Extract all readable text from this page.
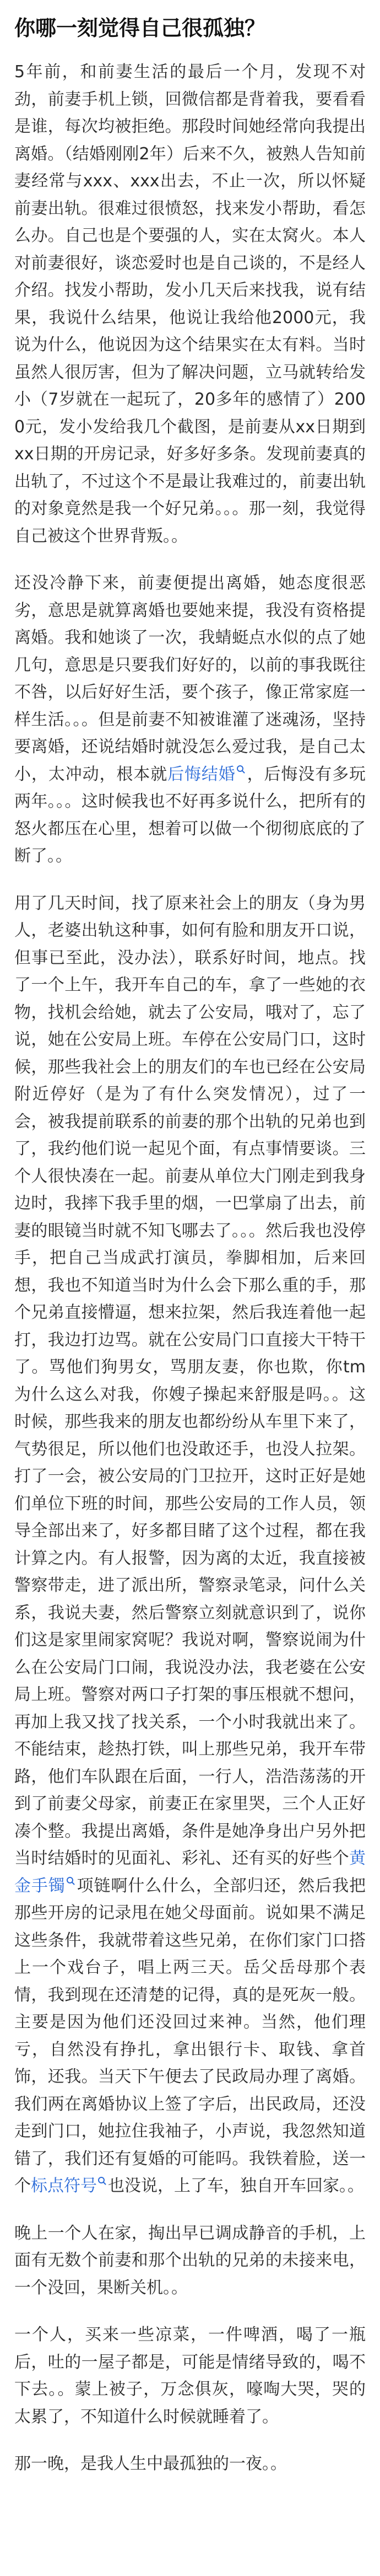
你哪一刻觉得自己很孤独？

5年前，和前妻生活的最后一个月，发现不对劲，前妻手机上锁，回微信都是背着我，要看看是谁，每次均被拒绝。那段时间她经常向我提出离婚。（结婚刚刚2年）后来不久，被熟人告知前妻经常与xxx、xxx出去，不止一次，所以怀疑前妻出轨。很难过很愤怒，找来发小帮助，看怎么办。自己也是个要强的人，实在太窝火。本人对前妻很好，谈恋爱时也是自己谈的，不是经人介绍。找发小帮助，发小几天后来找我，说有结果，我说什么结果，他说让我给他2000元，我说为什么，他说因为这个结果实在太有料。当时虽然人很厉害，但为了解决问题，立马就转给发小（7岁就在一起玩了，20多年的感情了）2000元，发小发给我几个截图，是前妻从xx日期到xx日期的开房记录，好多好多条。发现前妻真的出轨了，不过这个不是最让我难过的，前妻出轨的对象竟然是我一个好兄弟。。。那一刻，我觉得自己被这个世界背叛。。

还没冷静下来，前妻便提出离婚，她态度很恶劣，意思是就算离婚也要她来提，我没有资格提离婚。我和她谈了一次，我蜻蜓点水似的点了她几句，意思是只要我们好好的，以前的事我既往不咎，以后好好生活，要个孩子，像正常家庭一样生活。。。但是前妻不知被谁灌了迷魂汤，坚持要离婚，还说结婚时就没怎么爱过我，是自己太小，太冲动，根本就后悔结婚 ，后悔没有多玩两年。。。这时候我也不好再多说什么，把所有的怒火都压在心里，想着可以做一个彻彻底底的了断了。。

用了几天时间，找了原来社会上的朋友（身为男人，老婆出轨这种事，如何有脸和朋友开口说，但事已至此，没办法），联系好时间，地点。找了一个上午，我开车自己的车，拿了一些她的衣物，找机会给她，就去了公安局，哦对了，忘了说，她在公安局上班。车停在公安局门口，这时候，那些我社会上的朋友们的车也已经在公安局附近停好（是为了有什么突发情况），过了一会，被我提前联系的前妻的那个出轨的兄弟也到了，我约他们说一起见个面，有点事情要谈。三个人很快凑在一起。前妻从单位大门刚走到我身边时，我摔下我手里的烟，一巴掌扇了出去，前妻的眼镜当时就不知飞哪去了。。。然后我也没停手，把自己当成武打演员，拳脚相加，后来回想，我也不知道当时为什么会下那么重的手，那个兄弟直接懵逼，想来拉架，然后我连着他一起打，我边打边骂。就在公安局门口直接大干特干了。骂他们狗男女，骂朋友妻，你也欺，你tm为什么这么对我，你嫂子操起来舒服是吗。。这时候，那些我来的朋友也都纷纷从车里下来了，气势很足，所以他们也没敢还手，也没人拉架。打了一会，被公安局的门卫拉开，这时正好是她们单位下班的时间，那些公安局的工作人员，领导全部出来了，好多都目睹了这个过程，都在我计算之内。有人报警，因为离的太近，我直接被警察带走，进了派出所，警察录笔录，问什么关系，我说夫妻，然后警察立刻就意识到了，说你们这是家里闹家窝呢？我说对啊，警察说闹为什么在公安局门口闹，我说没办法，我老婆在公安局上班。警察对两口子打架的事压根就不想问，再加上我又找了找关系，一个小时我就出来了。不能结束，趁热打铁，叫上那些兄弟，我开车带路，他们车队跟在后面，一行人，浩浩荡荡的开到了前妻父母家，前妻正在家里哭，三个人正好凑个整。我提出离婚，条件是她净身出户另外把当时结婚时的见面礼、彩礼、还有买的好些个黄金手镯 项链啊什么什么，全部归还，然后我把那些开房的记录甩在她父母面前。说如果不满足这些条件，我就带着这些兄弟，在你们家门口搭上一个戏台子，唱上两三天。岳父岳母那个表情，我到现在还清楚的记得，真的是死灰一般。主要是因为他们还没回过来神。当然，他们理亏，自然没有挣扎，拿出银行卡、取钱、拿首饰，还我。当天下午便去了民政局办理了离婚。我们两在离婚协议上签了字后，出民政局，还没走到门口，她拉住我袖子，小声说，我忽然知道错了，我们还有复婚的可能吗。我铁着脸，送一个标点符号 也没说，上了车，独自开车回家。。

晚上一个人在家，掏出早已调成静音的手机，上面有无数个前妻和那个出轨的兄弟的未接来电，一个没回，果断关机。。

一个人，买来一些凉菜，一件啤酒，喝了一瓶后，吐的一屋子都是，可能是情绪导致的，喝不下去。。蒙上被子，万念俱灰，嚎啕大哭，哭的太累了，不知道什么时候就睡着了。

那一晚，是我人生中最孤独的一夜。。
